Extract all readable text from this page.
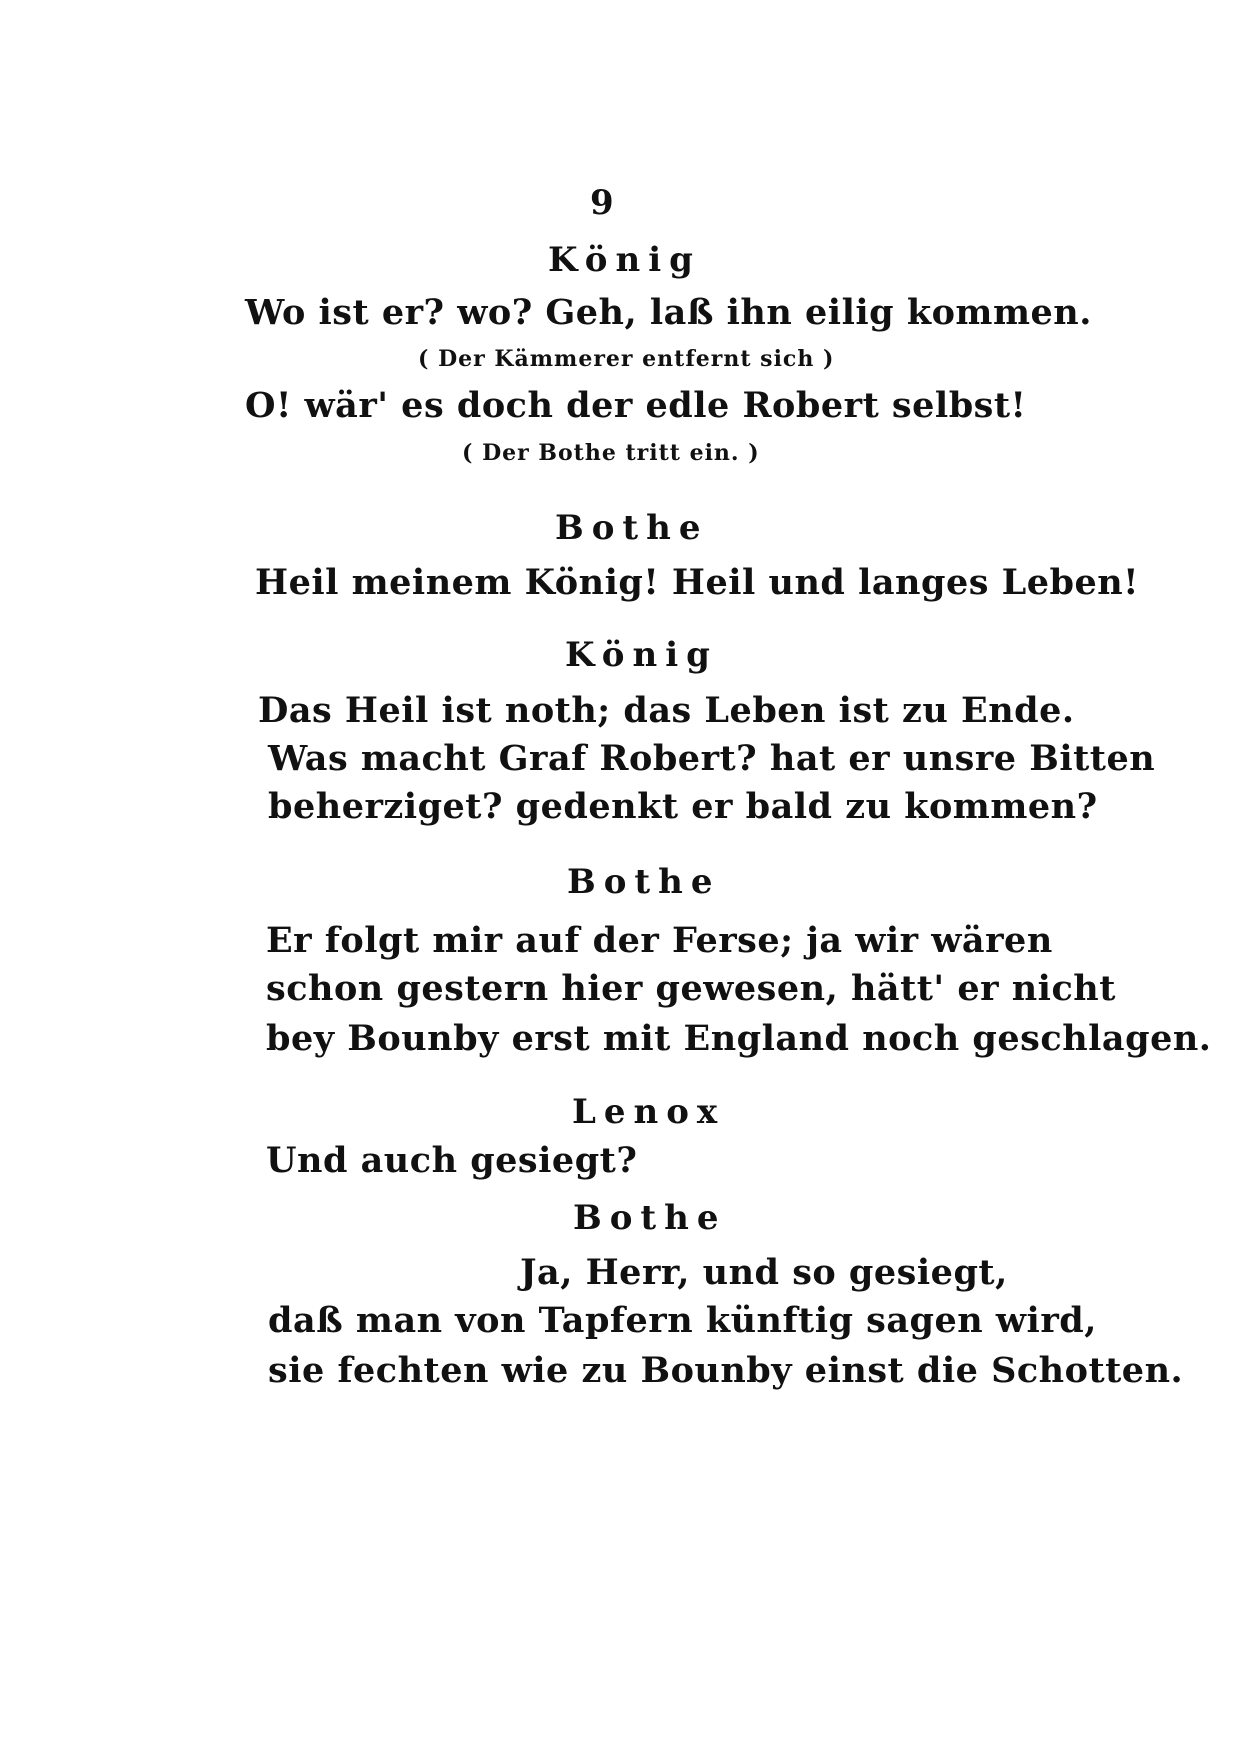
9
König
Wo ist er? wo? Geh, laß ihn eilig kommen.
( Der Kämmerer entfernt sich )
O! wär' es doch der edle Robert selbst!
( Der Bothe tritt ein. )
Bothe
Heil meinem König! Heil und langes Leben!
König
Das Heil ist noth; das Leben ist zu Ende.
Was macht Graf Robert? hat er unsre Bitten
beherziget? gedenkt er bald zu kommen?
Bothe
Er folgt mir auf der Ferse; ja wir wären
schon gestern hier gewesen, hätt' er nicht
bey Bounby erst mit England noch geschlagen.
Lenox
Und auch gesiegt?
Bothe
Ja, Herr, und so gesiegt,
daß man von Tapfern künftig sagen wird,
sie fechten wie zu Bounby einst die Schotten.
